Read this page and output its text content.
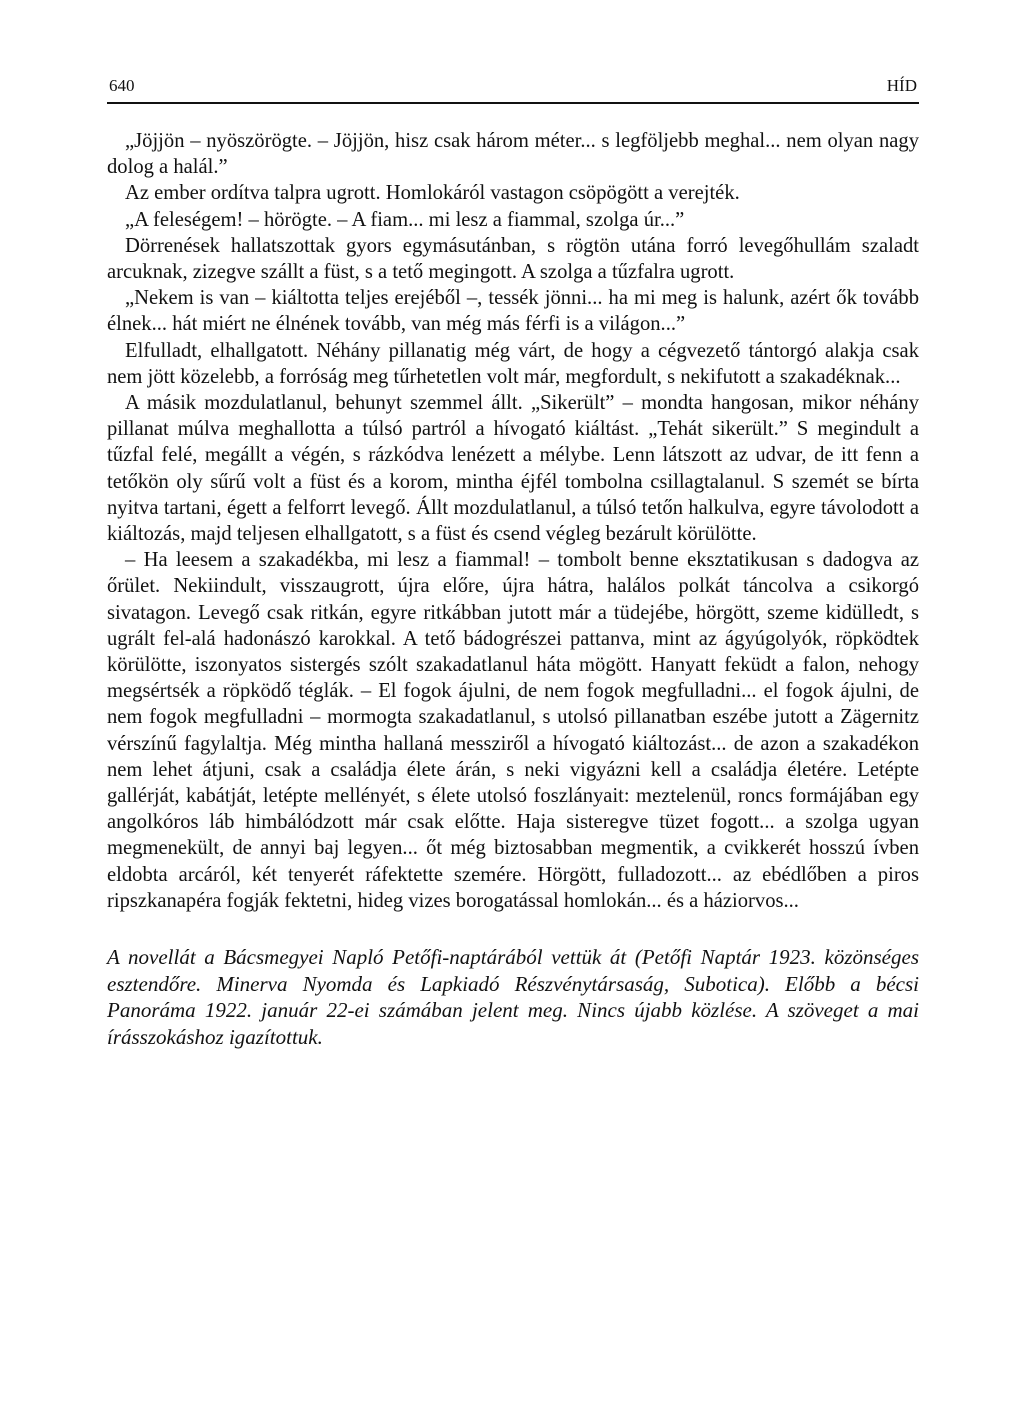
640	HÍD

„Jöjjön – nyöszörögte. – Jöjjön, hisz csak három méter... s legföljebb meghal... nem olyan nagy dolog a halál.”

Az ember ordítva talpra ugrott. Homlokáról vastagon csöpögött a verejték.

„A feleségem! – hörögte. – A fiam... mi lesz a fiammal, szolga úr...”

Dörrenések hallatszottak gyors egymásutánban, s rögtön utána forró levegőhullám szaladt arcuknak, zizegve szállt a füst, s a tető megingott. A szolga a tűzfalra ugrott.

„Nekem is van – kiáltotta teljes erejéből –, tessék jönni... ha mi meg is halunk, azért ők tovább élnek... hát miért ne élnének tovább, van még más férfi is a világon...”

Elfulladt, elhallgatott. Néhány pillanatig még várt, de hogy a cégvezető tántorgó alakja csak nem jött közelebb, a forróság meg tűrhetetlen volt már, megfordult, s nekifutott a szakadéknak...

A másik mozdulatlanul, behunyt szemmel állt. „Sikerült” – mondta hangosan, mikor néhány pillanat múlva meghallotta a túlsó partról a hívogató kiáltást. „Tehát sikerült.” S megindult a tűzfal felé, megállt a végén, s rázkódva lenézett a mélybe. Lenn látszott az udvar, de itt fenn a tetőkön oly sűrű volt a füst és a korom, mintha éjfél tombolna csillagtalanul. S szemét se bírta nyitva tartani, égett a felforrt levegő. Állt mozdulatlanul, a túlsó tetőn halkulva, egyre távolodott a kiáltozás, majd teljesen elhallgatott, s a füst és csend végleg bezárult körülötte.

– Ha leesem a szakadékba, mi lesz a fiammal! – tombolt benne eksztatikusan s dadogva az őrület. Nekiindult, visszaugrott, újra előre, újra hátra, halálos polkát táncolva a csikorgó sivatagon. Levegő csak ritkán, egyre ritkábban jutott már a tüdejébe, hörgött, szeme kidülledt, s ugrált fel-alá hadonászó karokkal. A tető bádogrészei pattanva, mint az ágyúgolyók, röpködtek körülötte, iszonyatos sistergés szólt szakadatlanul háta mögött. Hanyatt feküdt a falon, nehogy megsértsék a röpködő téglák. – El fogok ájulni, de nem fogok megfulladni... el fogok ájulni, de nem fogok megfulladni – mormogta szakadatlanul, s utolsó pillanatban eszébe jutott a Zägernitz vérszínű fagylaltja. Még mintha hallaná messziről a hívogató kiáltozást... de azon a szakadékon nem lehet átjuni, csak a családja élete árán, s neki vigyázni kell a családja életére. Letépte gallérját, kabátját, letépte mellényét, s élete utolsó foszlányait: meztelenül, roncs formájában egy angolkóros láb himbálódzott már csak előtte. Haja sisteregve tüzet fogott... a szolga ugyan megmenekült, de annyi baj legyen... őt még biztosabban megmentik, a cvikkerét hosszú ívben eldobta arcáról, két tenyerét ráfektette szemére. Hörgött, fulladozott... az ebédlőben a piros ripszkanapéra fogják fektetni, hideg vizes borogatással homlokán... és a háziorvos...

A novellát a Bácsmegyei Napló Petőfi-naptárából vettük át (Petőfi Naptár 1923. közönséges esztendőre. Minerva Nyomda és Lapkiadó Részvénytársaság, Subotica). Előbb a bécsi Panoráma 1922. január 22-ei számában jelent meg. Nincs újabb közlése. A szöveget a mai írásszokáshoz igazítottuk.
